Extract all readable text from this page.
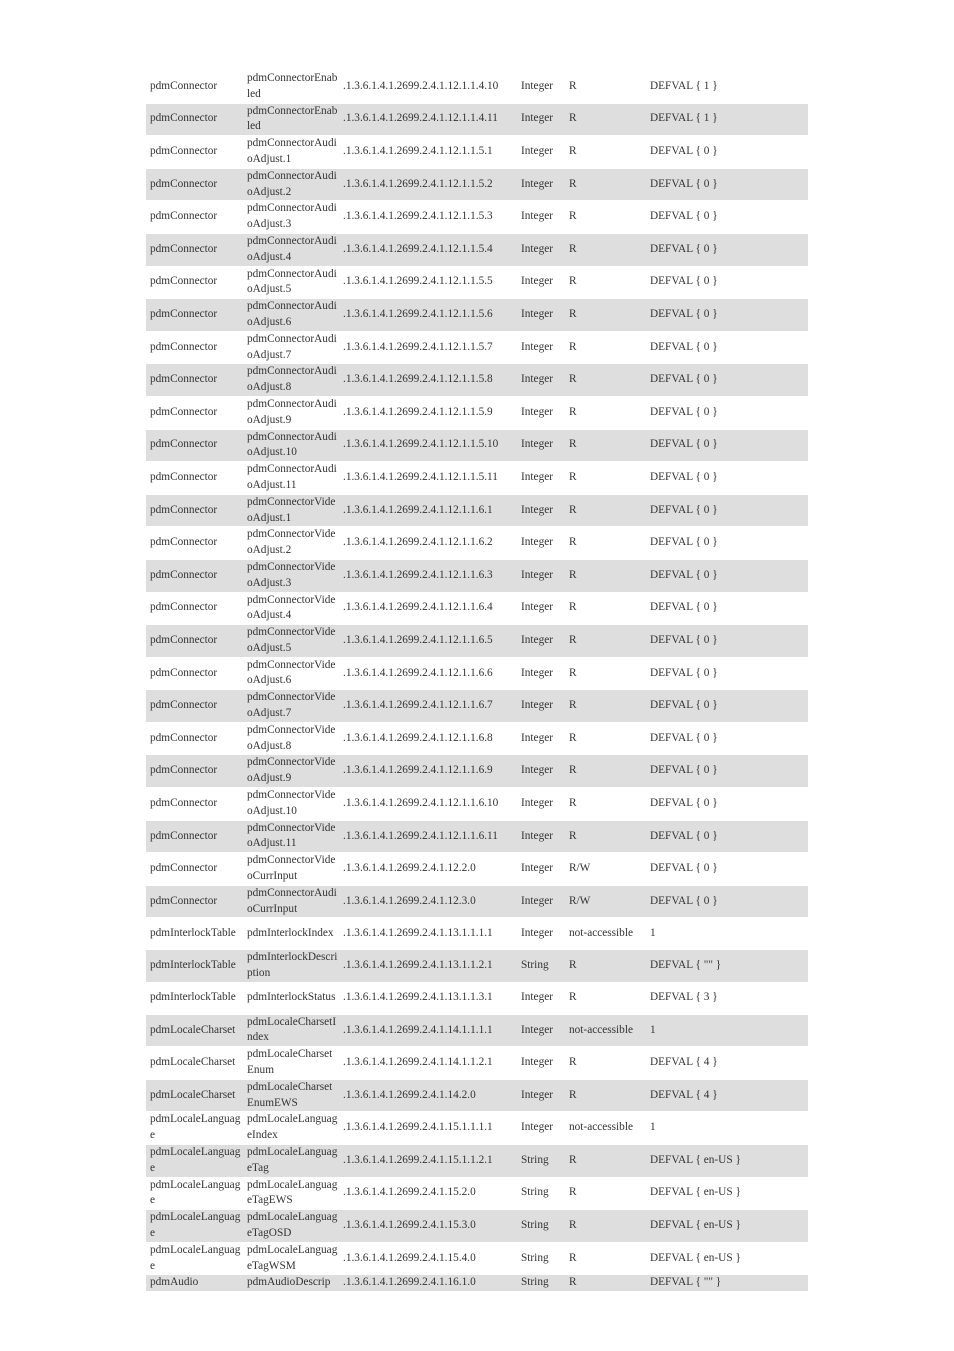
pdmConnector	pdmConnectorEnabled	.1.3.6.1.4.1.2699.2.4.1.12.1.1.4.10	Integer	R	DEFVAL { 1 }
pdmConnector	pdmConnectorEnabled	.1.3.6.1.4.1.2699.2.4.1.12.1.1.4.11	Integer	R	DEFVAL { 1 }
pdmConnector	pdmConnectorAudioAdjust.1	.1.3.6.1.4.1.2699.2.4.1.12.1.1.5.1	Integer	R	DEFVAL { 0 }
pdmConnector	pdmConnectorAudioAdjust.2	.1.3.6.1.4.1.2699.2.4.1.12.1.1.5.2	Integer	R	DEFVAL { 0 }
pdmConnector	pdmConnectorAudioAdjust.3	.1.3.6.1.4.1.2699.2.4.1.12.1.1.5.3	Integer	R	DEFVAL { 0 }
pdmConnector	pdmConnectorAudioAdjust.4	.1.3.6.1.4.1.2699.2.4.1.12.1.1.5.4	Integer	R	DEFVAL { 0 }
pdmConnector	pdmConnectorAudioAdjust.5	.1.3.6.1.4.1.2699.2.4.1.12.1.1.5.5	Integer	R	DEFVAL { 0 }
pdmConnector	pdmConnectorAudioAdjust.6	.1.3.6.1.4.1.2699.2.4.1.12.1.1.5.6	Integer	R	DEFVAL { 0 }
pdmConnector	pdmConnectorAudioAdjust.7	.1.3.6.1.4.1.2699.2.4.1.12.1.1.5.7	Integer	R	DEFVAL { 0 }
pdmConnector	pdmConnectorAudioAdjust.8	.1.3.6.1.4.1.2699.2.4.1.12.1.1.5.8	Integer	R	DEFVAL { 0 }
pdmConnector	pdmConnectorAudioAdjust.9	.1.3.6.1.4.1.2699.2.4.1.12.1.1.5.9	Integer	R	DEFVAL { 0 }
pdmConnector	pdmConnectorAudioAdjust.10	.1.3.6.1.4.1.2699.2.4.1.12.1.1.5.10	Integer	R	DEFVAL { 0 }
pdmConnector	pdmConnectorAudioAdjust.11	.1.3.6.1.4.1.2699.2.4.1.12.1.1.5.11	Integer	R	DEFVAL { 0 }
pdmConnector	pdmConnectorVideoAdjust.1	.1.3.6.1.4.1.2699.2.4.1.12.1.1.6.1	Integer	R	DEFVAL { 0 }
pdmConnector	pdmConnectorVideoAdjust.2	.1.3.6.1.4.1.2699.2.4.1.12.1.1.6.2	Integer	R	DEFVAL { 0 }
pdmConnector	pdmConnectorVideoAdjust.3	.1.3.6.1.4.1.2699.2.4.1.12.1.1.6.3	Integer	R	DEFVAL { 0 }
pdmConnector	pdmConnectorVideoAdjust.4	.1.3.6.1.4.1.2699.2.4.1.12.1.1.6.4	Integer	R	DEFVAL { 0 }
pdmConnector	pdmConnectorVideoAdjust.5	.1.3.6.1.4.1.2699.2.4.1.12.1.1.6.5	Integer	R	DEFVAL { 0 }
pdmConnector	pdmConnectorVideoAdjust.6	.1.3.6.1.4.1.2699.2.4.1.12.1.1.6.6	Integer	R	DEFVAL { 0 }
pdmConnector	pdmConnectorVideoAdjust.7	.1.3.6.1.4.1.2699.2.4.1.12.1.1.6.7	Integer	R	DEFVAL { 0 }
pdmConnector	pdmConnectorVideoAdjust.8	.1.3.6.1.4.1.2699.2.4.1.12.1.1.6.8	Integer	R	DEFVAL { 0 }
pdmConnector	pdmConnectorVideoAdjust.9	.1.3.6.1.4.1.2699.2.4.1.12.1.1.6.9	Integer	R	DEFVAL { 0 }
pdmConnector	pdmConnectorVideoAdjust.10	.1.3.6.1.4.1.2699.2.4.1.12.1.1.6.10	Integer	R	DEFVAL { 0 }
pdmConnector	pdmConnectorVideoAdjust.11	.1.3.6.1.4.1.2699.2.4.1.12.1.1.6.11	Integer	R	DEFVAL { 0 }
pdmConnector	pdmConnectorVideoCurrInput	.1.3.6.1.4.1.2699.2.4.1.12.2.0	Integer	R/W	DEFVAL { 0 }
pdmConnector	pdmConnectorAudioCurrInput	.1.3.6.1.4.1.2699.2.4.1.12.3.0	Integer	R/W	DEFVAL { 0 }
pdmInterlockTable	pdmInterlockIndex	.1.3.6.1.4.1.2699.2.4.1.13.1.1.1.1	Integer	not-accessible	1
pdmInterlockTable	pdmInterlockDescription	.1.3.6.1.4.1.2699.2.4.1.13.1.1.2.1	String	R	DEFVAL { "" }
pdmInterlockTable	pdmInterlockStatus	.1.3.6.1.4.1.2699.2.4.1.13.1.1.3.1	Integer	R	DEFVAL { 3 }
pdmLocaleCharset	pdmLocaleCharsetIndex	.1.3.6.1.4.1.2699.2.4.1.14.1.1.1.1	Integer	not-accessible	1
pdmLocaleCharset	pdmLocaleCharsetEnum	.1.3.6.1.4.1.2699.2.4.1.14.1.1.2.1	Integer	R	DEFVAL { 4 }
pdmLocaleCharset	pdmLocaleCharsetEnumEWS	.1.3.6.1.4.1.2699.2.4.1.14.2.0	Integer	R	DEFVAL { 4 }
pdmLocaleLanguage	pdmLocaleLanguageIndex	.1.3.6.1.4.1.2699.2.4.1.15.1.1.1.1	Integer	not-accessible	1
pdmLocaleLanguage	pdmLocaleLanguageTag	.1.3.6.1.4.1.2699.2.4.1.15.1.1.2.1	String	R	DEFVAL { en-US }
pdmLocaleLanguage	pdmLocaleLanguageTagEWS	.1.3.6.1.4.1.2699.2.4.1.15.2.0	String	R	DEFVAL { en-US }
pdmLocaleLanguage	pdmLocaleLanguageTagOSD	.1.3.6.1.4.1.2699.2.4.1.15.3.0	String	R	DEFVAL { en-US }
pdmLocaleLanguage	pdmLocaleLanguageTagWSM	.1.3.6.1.4.1.2699.2.4.1.15.4.0	String	R	DEFVAL { en-US }
pdmAudio	pdmAudioDescrip	.1.3.6.1.4.1.2699.2.4.1.16.1.0	String	R	DEFVAL { "" }
